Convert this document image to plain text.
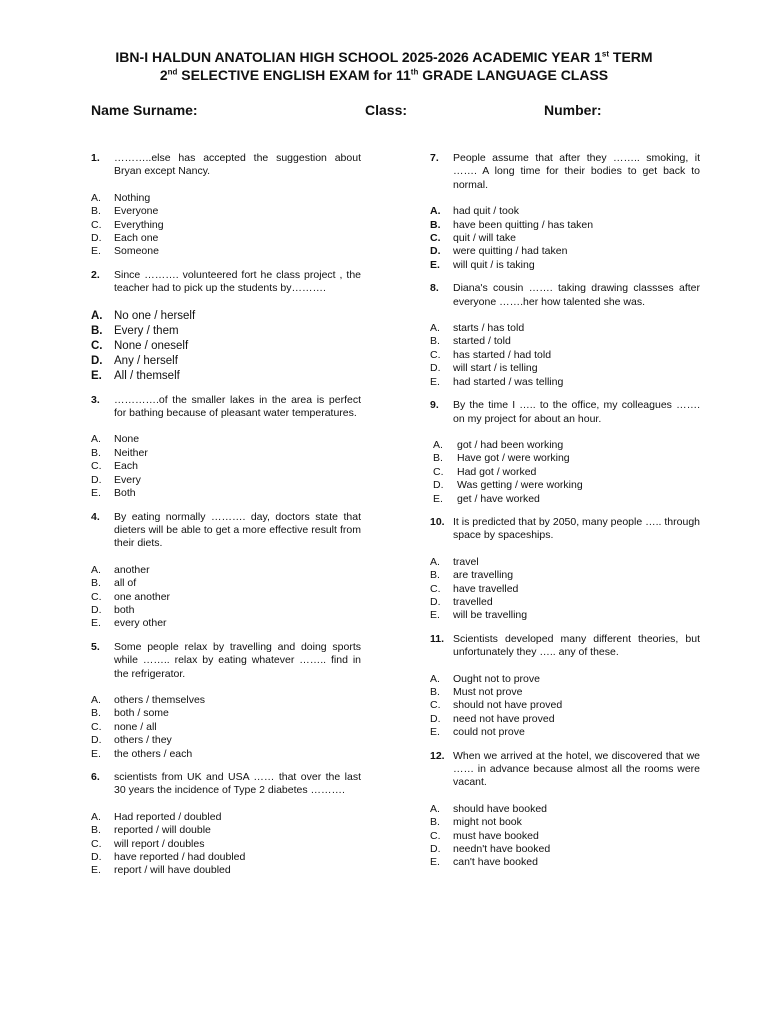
IBN-I HALDUN ANATOLIAN HIGH SCHOOL 2025-2026 ACADEMIC YEAR 1st TERM
2nd SELECTIVE ENGLISH EXAM for 11th GRADE LANGUAGE CLASS
Name Surname:	Class:	Number:
1.	………..else has accepted the suggestion about Bryan except Nancy.
A.	Nothing
B.	Everyone
C.	Everything
D.	Each one
E.	Someone
2.	Since ………. volunteered fort he class project , the teacher had to pick up the students by……….
A.	No one / herself
B.	Every / them
C.	None / oneself
D.	Any / herself
E.	All / themself
3.	………….of the smaller lakes in the area is perfect for bathing because of pleasant water temperatures.
A.	None
B.	Neither
C.	Each
D.	Every
E.	Both
4.	By eating normally ………. day, doctors state that dieters will be able to get a more effective result from their diets.
A.	another
B.	all of
C.	one another
D.	both
E.	every other
5.	Some people relax by travelling and doing sports while …….. relax by eating whatever …….. find in the refrigerator.
A.	others / themselves
B.	both / some
C.	none / all
D.	others / they
E.	the others / each
6.	scientists from UK and USA …… that over the last 30 years the incidence of Type 2 diabetes ……….
A.	Had reported / doubled
B.	reported / will double
C.	will report / doubles
D.	have reported / had doubled
E.	report / will have doubled
7.	People assume that after they …….. smoking, it ……. A long time for their bodies to get back to normal.
A.	had quit / took
B.	have been quitting / has taken
C.	quit / will take
D.	were quitting / had taken
E.	will quit / is taking
8.	Diana's cousin ……. taking drawing classses after everyone …….her how talented she was.
A.	starts / has told
B.	started / told
C.	has started / had told
D.	will start / is telling
E.	had started / was telling
9.	By the time I ….. to the office, my colleagues ……. on my project for about an hour.
A.	got / had been working
B.	Have got / were working
C.	Had got / worked
D.	Was getting / were working
E.	get / have worked
10. It is predicted that by 2050, many people ….. through space by spaceships.
A.	travel
B.	are travelling
C.	have travelled
D.	travelled
E.	will be travelling
11. Scientists developed many different theories, but unfortunately they ….. any of these.
A.	Ought not to prove
B.	Must not prove
C.	should not have proved
D.	need not have proved
E.	could not prove
12. When we arrived at the hotel, we discovered that we …… in advance because almost all the rooms were vacant.
A.	should have booked
B.	might not book
C.	must have booked
D.	needn't have booked
E.	can't have booked
